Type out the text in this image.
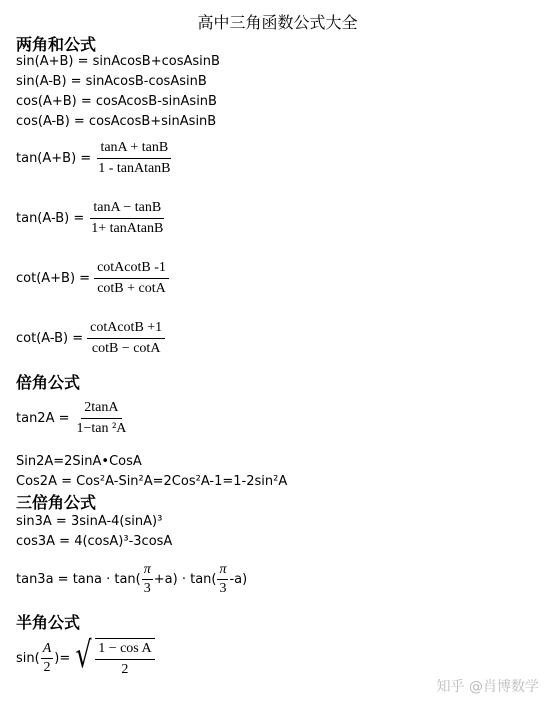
高中三角函数公式大全
两角和公式
sin(A+B) = sinAcosB+cosAsinB
sin(A-B) = sinAcosB-cosAsinB
cos(A+B) = cosAcosB-sinAsinB
cos(A-B) = cosAcosB+sinAsinB
$\tan(A+B) = \frac{\tan A + \tan B}{\text{1 - tanAtanB}}$
$\tan(A-B) = \frac{\tan A - \tan B}{\text{1+ tanAtanB}}$
$\cot(A+B) = \frac{\text{cotAcotB -1}}{\cot B + \cot A}$
$\cot(A-B) = \frac{\text{cotAcotB +1}}{\cot B - \cot A}$
倍角公式
$\tan 2A = \frac{2\tan A}{\text{1−tan ²A}}$
Sin2A=2SinA•CosA
Cos2A = Cos²A-Sin²A=2Cos²A-1=1-2sin²A
三倍角公式
sin3A = 3sinA-4(sinA)³
cos3A = 4(cosA)³-3cosA
$\tan 3a = \tan a \cdot \tan( \frac{\pi}{3} +a) \cdot \tan( \frac{\pi}{3} -a)$
半角公式
$\sin( \frac{A}{2}$ )= √ $\frac{\text{1 − cos A}}{2}$
知乎 @肖博数学
